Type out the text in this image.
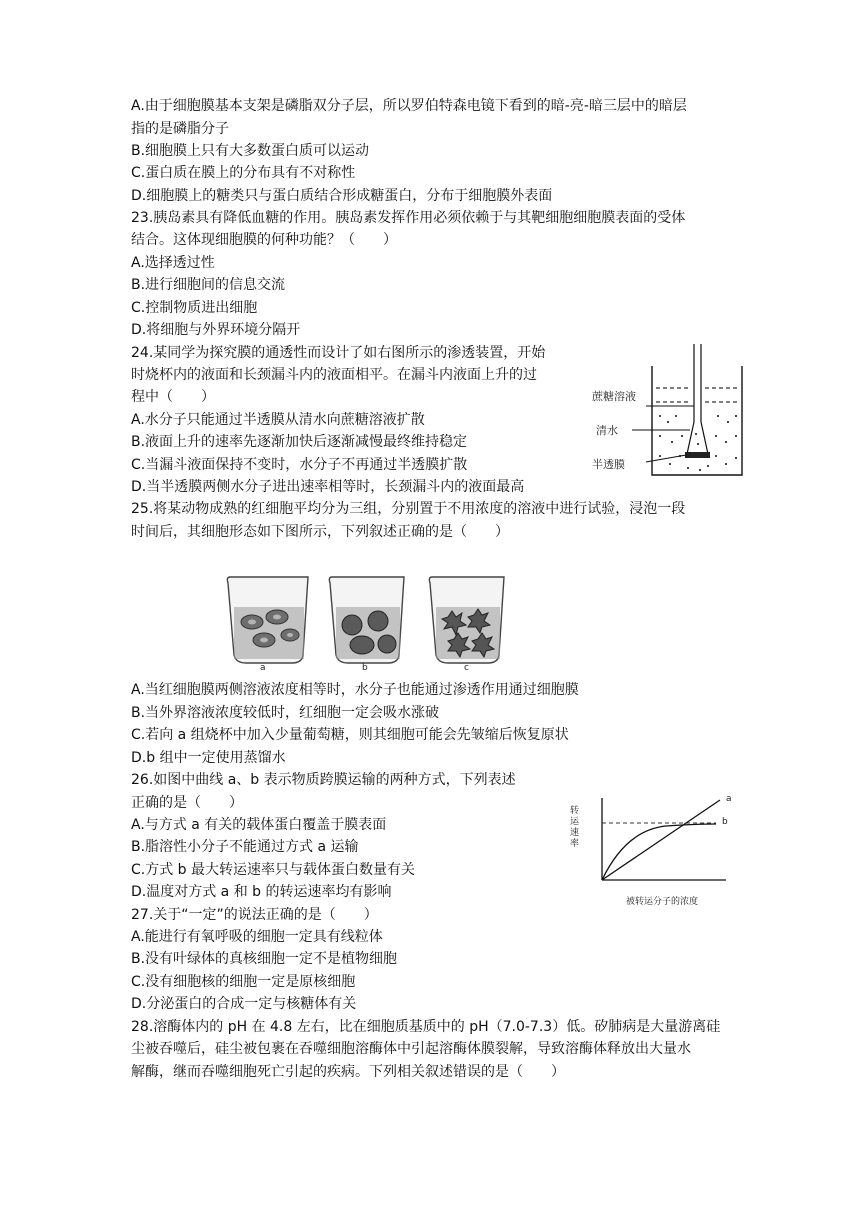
A.由于细胞膜基本支架是磷脂双分子层，所以罗伯特森电镜下看到的暗-亮-暗三层中的暗层
指的是磷脂分子
B.细胞膜上只有大多数蛋白质可以运动
C.蛋白质在膜上的分布具有不对称性
D.细胞膜上的糖类只与蛋白质结合形成糖蛋白，分布于细胞膜外表面
23.胰岛素具有降低血糖的作用。胰岛素发挥作用必须依赖于与其靶细胞细胞膜表面的受体
结合。这体现细胞膜的何种功能？（　　）
A.选择透过性
B.进行细胞间的信息交流
C.控制物质进出细胞
D.将细胞与外界环境分隔开
24.某同学为探究膜的通透性而设计了如右图所示的渗透装置，开始
时烧杯内的液面和长颈漏斗内的液面相平。在漏斗内液面上升的过
程中（　　）
A.水分子只能通过半透膜从清水向蔗糖溶液扩散
B.液面上升的速率先逐渐加快后逐渐减慢最终维持稳定
C.当漏斗液面保持不变时，水分子不再通过半透膜扩散
D.当半透膜两侧水分子进出速率相等时，长颈漏斗内的液面最高
25.将某动物成熟的红细胞平均分为三组，分别置于不用浓度的溶液中进行试验，浸泡一段
时间后，其细胞形态如下图所示，下列叙述正确的是（　　）
A.当红细胞膜两侧溶液浓度相等时，水分子也能通过渗透作用通过细胞膜
B.当外界溶液浓度较低时，红细胞一定会吸水涨破
C.若向 a 组烧杯中加入少量葡萄糖，则其细胞可能会先皱缩后恢复原状
D.b 组中一定使用蒸馏水
26.如图中曲线 a、b 表示物质跨膜运输的两种方式，下列表述
正确的是（　　）
A.与方式 a 有关的载体蛋白覆盖于膜表面
B.脂溶性小分子不能通过方式 a 运输
C.方式 b 最大转运速率只与载体蛋白数量有关
D.温度对方式 a 和 b 的转运速率均有影响
27.关于“一定”的说法正确的是（　　）
A.能进行有氧呼吸的细胞一定具有线粒体
B.没有叶绿体的真核细胞一定不是植物细胞
C.没有细胞核的细胞一定是原核细胞
D.分泌蛋白的合成一定与核糖体有关
28.溶酶体内的 pH 在 4.8 左右，比在细胞质基质中的 pH（7.0-7.3）低。矽肺病是大量游离硅
尘被吞噬后，硅尘被包裹在吞噬细胞溶酶体中引起溶酶体膜裂解，导致溶酶体释放出大量水
解酶，继而吞噬细胞死亡引起的疾病。下列相关叙述错误的是（　　）
蔗糖溶液
清水
半透膜
a	b	c
a
b
转运速率
被转运分子的浓度
